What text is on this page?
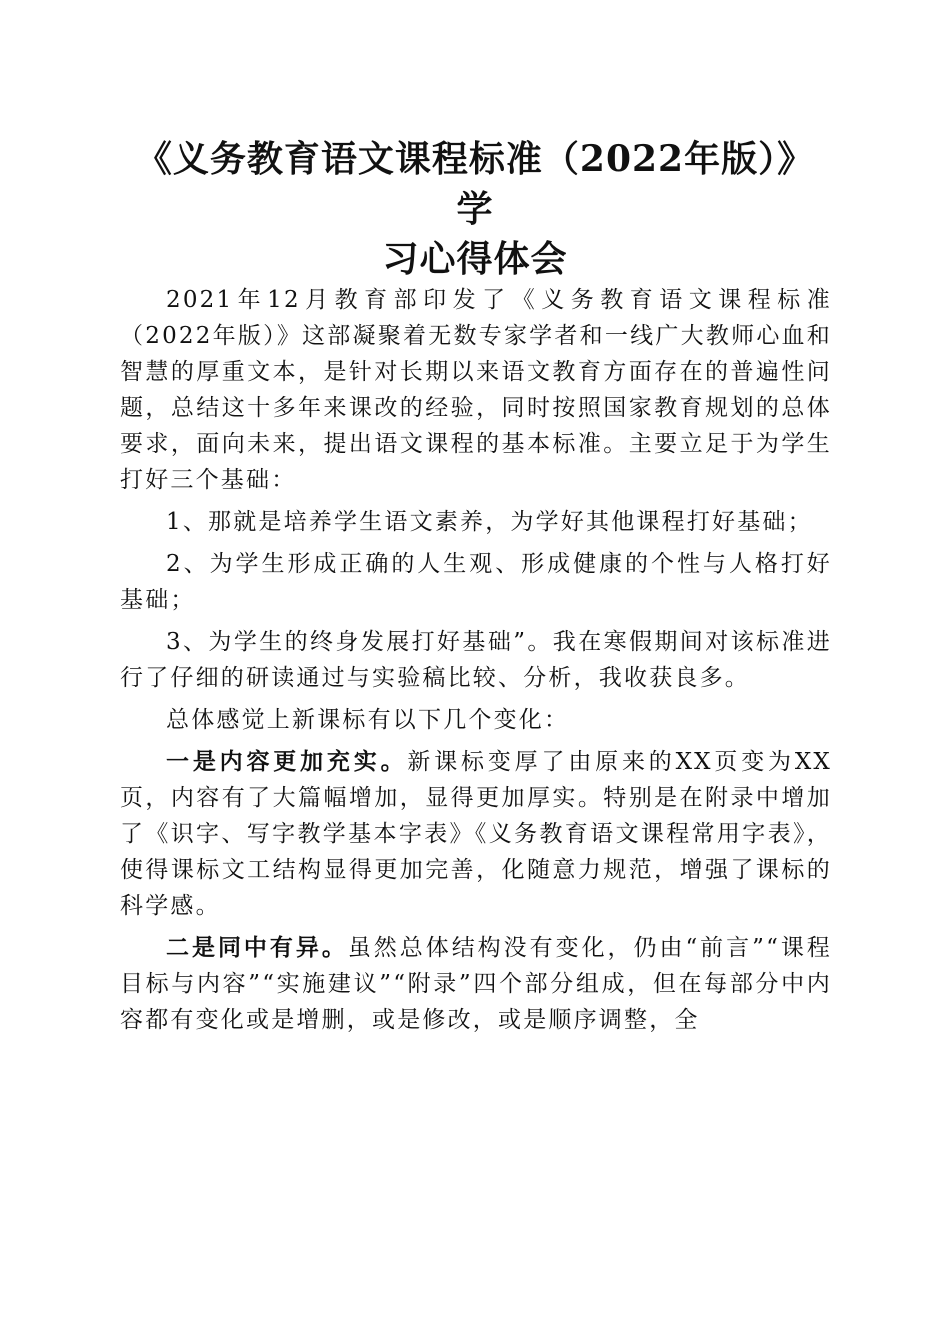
《义务教育语文课程标准（2022年版）》学
习心得体会

2021年12月教育部印发了《义务教育语文课程标准（2022年版）》这部凝聚着无数专家学者和一线广大教师心血和智慧的厚重文本，是针对长期以来语文教育方面存在的普遍性问题，总结这十多年来课改的经验，同时按照国家教育规划的总体要求，面向未来，提出语文课程的基本标准。主要立足于为学生打好三个基础：

1、那就是培养学生语文素养，为学好其他课程打好基础；

2、为学生形成正确的人生观、形成健康的个性与人格打好基础；

3、为学生的终身发展打好基础”。我在寒假期间对该标准进行了仔细的研读通过与实验稿比较、分析，我收获良多。

总体感觉上新课标有以下几个变化：

一是内容更加充实。新课标变厚了由原来的XX页变为XX页，内容有了大篇幅增加，显得更加厚实。特别是在附录中增加了《识字、写字教学基本字表》《义务教育语文课程常用字表》，使得课标文工结构显得更加完善，化随意力规范，增强了课标的科学感。

二是同中有异。虽然总体结构没有变化，仍由“前言”“课程目标与内容”“实施建议”“附录”四个部分组成，但在每部分中内容都有变化或是增删，或是修改，或是顺序调整，全
